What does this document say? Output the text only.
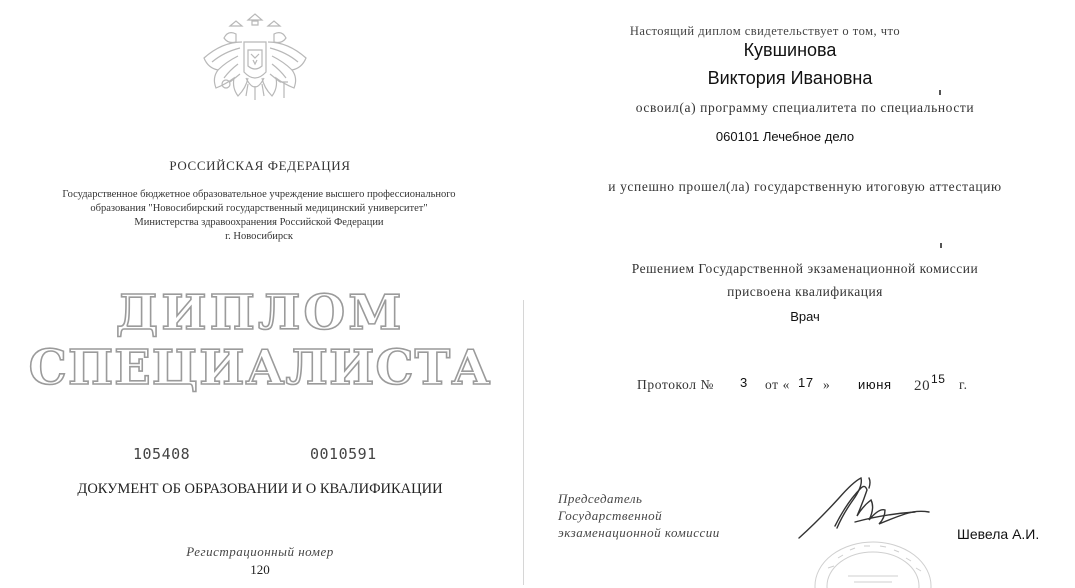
РОССИЙСКАЯ ФЕДЕРАЦИЯ
Государственное бюджетное образовательное учреждение высшего профессионального
образования "Новосибирский государственный медицинский университет"
Министерства здравоохранения Российской Федерации
г. Новосибирск
ДИПЛОМ
СПЕЦИАЛИСТА
105408	0010591
ДОКУМЕНТ ОБ ОБРАЗОВАНИИ И О КВАЛИФИКАЦИИ
Регистрационный номер
120
Настоящий диплом свидетельствует о том, что
Кувшинова
Виктория Ивановна
освоил(а) программу специалитета по специальности
060101 Лечебное дело
и успешно прошел(ла) государственную итоговую аттестацию
Решением Государственной экзаменационной комиссии
присвоена квалификация
Врач
Протокол № 3 от « 17 » июня 20 15 г.
Председатель
Государственной
экзаменационной комиссии	Шевела А.И.
